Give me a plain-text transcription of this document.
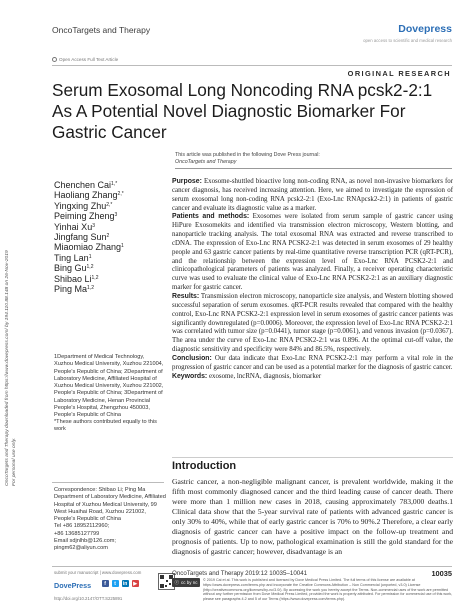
OncoTargets and Therapy	Dovepress
open access to scientific and medical research
Open Access Full Text Article
ORIGINAL RESEARCH
Serum Exosomal Long Noncoding RNA pcsk2-2:1 As A Potential Novel Diagnostic Biomarker For Gastric Cancer
This article was published in the following Dove Press journal:
OncoTargets and Therapy
OncoTargets and Therapy downloaded from https://www.dovepress.com/ by 194.110.88.148 on 26-Nov-2019 For personal use only.
Chenchen Cai$^{1,*}$
Haoliang Zhang$^{2,*}$
Yingxing Zhu$^{2,*}$
Peiming Zheng$^3$
Yinhai Xu$^3$
Jingfang Sun$^2$
Miaomiao Zhang$^1$
Ting Lan$^1$
Bing Gu$^{1,2}$
Shibao Li$^{1,2}$
Ping Ma$^{1,2}$
1Department of Medical Technology, Xuzhou Medical University, Xuzhou 221004, People's Republic of China; 2Department of Laboratory Medicine, Affiliated Hospital of Xuzhou Medical University, Xuzhou 221002, People's Republic of China; 3Department of Laboratory Medicine, Henan Provincial People's Hospital, Zhengzhou 450003, People's Republic of China
*These authors contributed equally to this work

Purpose: Exosome-shuttled bioactive long non-coding RNA, as novel non-invasive biomarkers for cancer diagnosis, has received increasing attention. Here, we aimed to investigate the expression of serum exosomal long non-coding RNA pcsk2-2:1 (Exo-Lnc RNApcsk2-2:1) in patients of gastric cancer and evaluate its diagnostic value as a marker.

Patients and methods: Exosomes were isolated from serum sample of gastric cancer using HiPure Exosomekits and identified via transmission electron microscopy, Western blotting, and nanoparticle tracking analysis. The total exosomal RNA was extracted and reverse transcribed to cDNA. The expression of Exo-Lnc RNA PCSK2-2:1 was detected in serum exosomes of 29 healthy people and 63 gastric cancer patients by real-time quantitative reverse transcription PCR (qRT-PCR), and the relationship between the expression level of Exo-Lnc RNA PCSK2-2:1 and clinicopathological parameters of patients was analyzed. Finally, a receiver operating characteristic curve was used to evaluate the clinical value of Exo-Lnc RNA PCSK2-2:1 as an auxiliary diagnostic marker for gastric cancer.

Results: Transmission electron microscopy, nanoparticle size analysis, and Western blotting showed successful separation of serum exosomes. qRT-PCR results revealed that compared with the healthy control, Exo-Lnc RNA PCSK2-2:1 expression level in serum exosomes of gastric cancer patients was significantly downregulated (p=0.0006). Moreover, the expression level of Exo-Lnc RNA PCSK2-2:1 was correlated with tumor size (p=0.0441), tumor stage (p=0.0061), and venous invasion (p=0.0367). The area under the curve of Exo-Lnc RNA PCSK2-2:1 was 0.896. At the optimal cut-off value, the diagnostic sensitivity and specificity were 84% and 86.5%, respectively.

Conclusion: Our data indicate that Exo-Lnc RNA PCSK2-2:1 may perform a vital role in the progression of gastric cancer and can be used as a potential marker for the diagnosis of gastric cancer.

Keywords: exosome, lncRNA, diagnosis, biomarker

Introduction

Gastric cancer, a non-negligible malignant cancer, is prevalent worldwide, making it the fifth most commonly diagnosed cancer and the third leading cause of cancer death. There were more than 1 million new cases in 2018, causing approximately 783,000 deaths.1 Clinical data show that the 5-year survival rate of patients with advanced gastric cancer is only 30% to 40%, while that of early gastric cancer is 70% to 90%.2 Therefore, a clear early diagnosis of gastric cancer can have a positive impact on the follow-up treatment and prognosis of patients. Up to now, pathological examination is still the gold standard for the diagnosis of gastric cancer; however, disadvantage is an

Correspondence: Shibao Li; Ping Ma
Department of Laboratory Medicine, Affiliated Hospital of Xuzhou Medical University, 99 West Huaihai Road, Xuzhou 221002, People's Republic of China
Tel +86 18952112960;
+86 13685127799
Email sdjnlhb@126.com;
pingm62@aliyun.com
submit your manuscript | www.dovepress.com
DovePress	f	t	in	▶
http://doi.org/10.2147/OTT.S225891
OncoTargets and Therapy 2019:12 10035–10041	10035
ⓒ cc by nc © 2019 Cai et al. This work is published and licensed by Dove Medical Press Limited. The full terms of this license are available at https://www.dovepress.com/terms.php and incorporate the Creative Commons Attribution – Non Commercial (unported, v3.0) License (http://creativecommons.org/licenses/by-nc/3.0/). By accessing the work you hereby accept the Terms. Non-commercial uses of the work are permitted without any further permission from Dove Medical Press Limited, provided the work is properly attributed. For permission for commercial use of this work, please see paragraphs 4.2 and 5 of our Terms (https://www.dovepress.com/terms.php).
